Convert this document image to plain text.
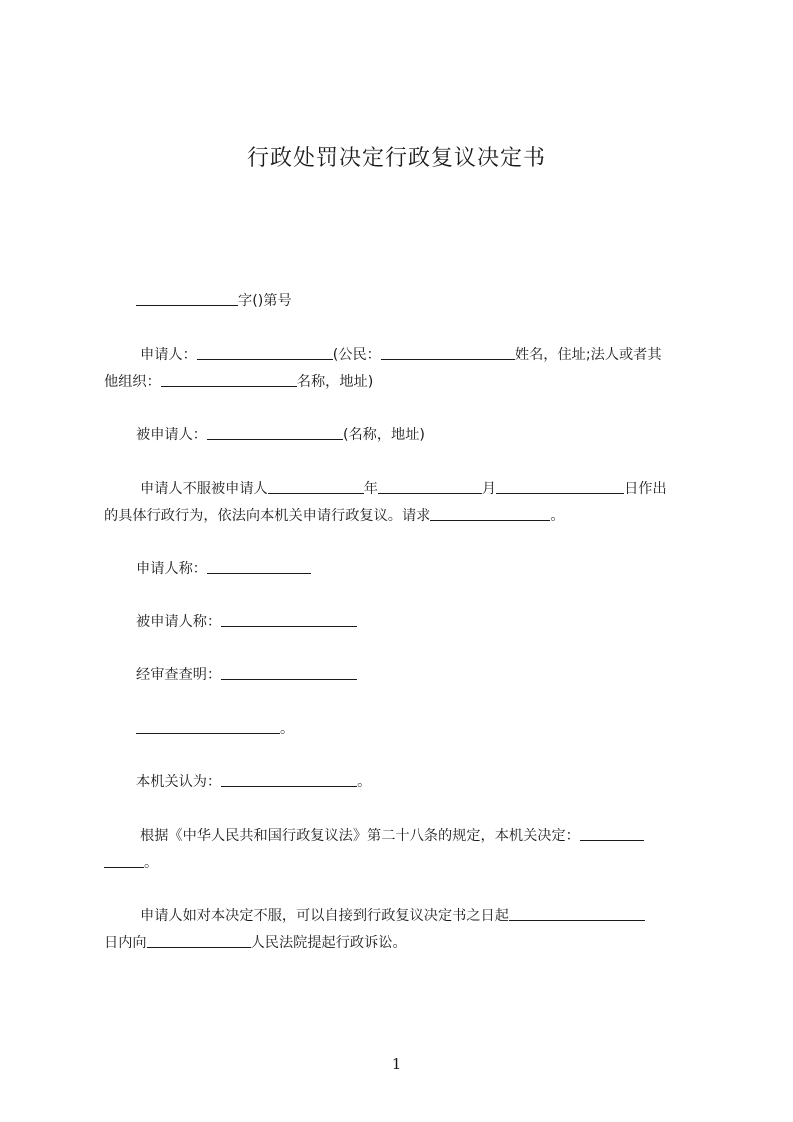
行政处罚决定行政复议决定书
字()第号
申请人：	(公民：	姓名，住址;法人或者其
他组织：	名称，地址)
被申请人：	(名称，地址)
申请人不服被申请人	年	月	日作出
的具体行政行为，依法向本机关申请行政复议。请求	。
申请人称：
被申请人称：
经审查查明：
。
本机关认为：	。
根据《中华人民共和国行政复议法》第二十八条的规定，本机关决定：
。
申请人如对本决定不服，可以自接到行政复议决定书之日起
日内向	人民法院提起行政诉讼。
1
